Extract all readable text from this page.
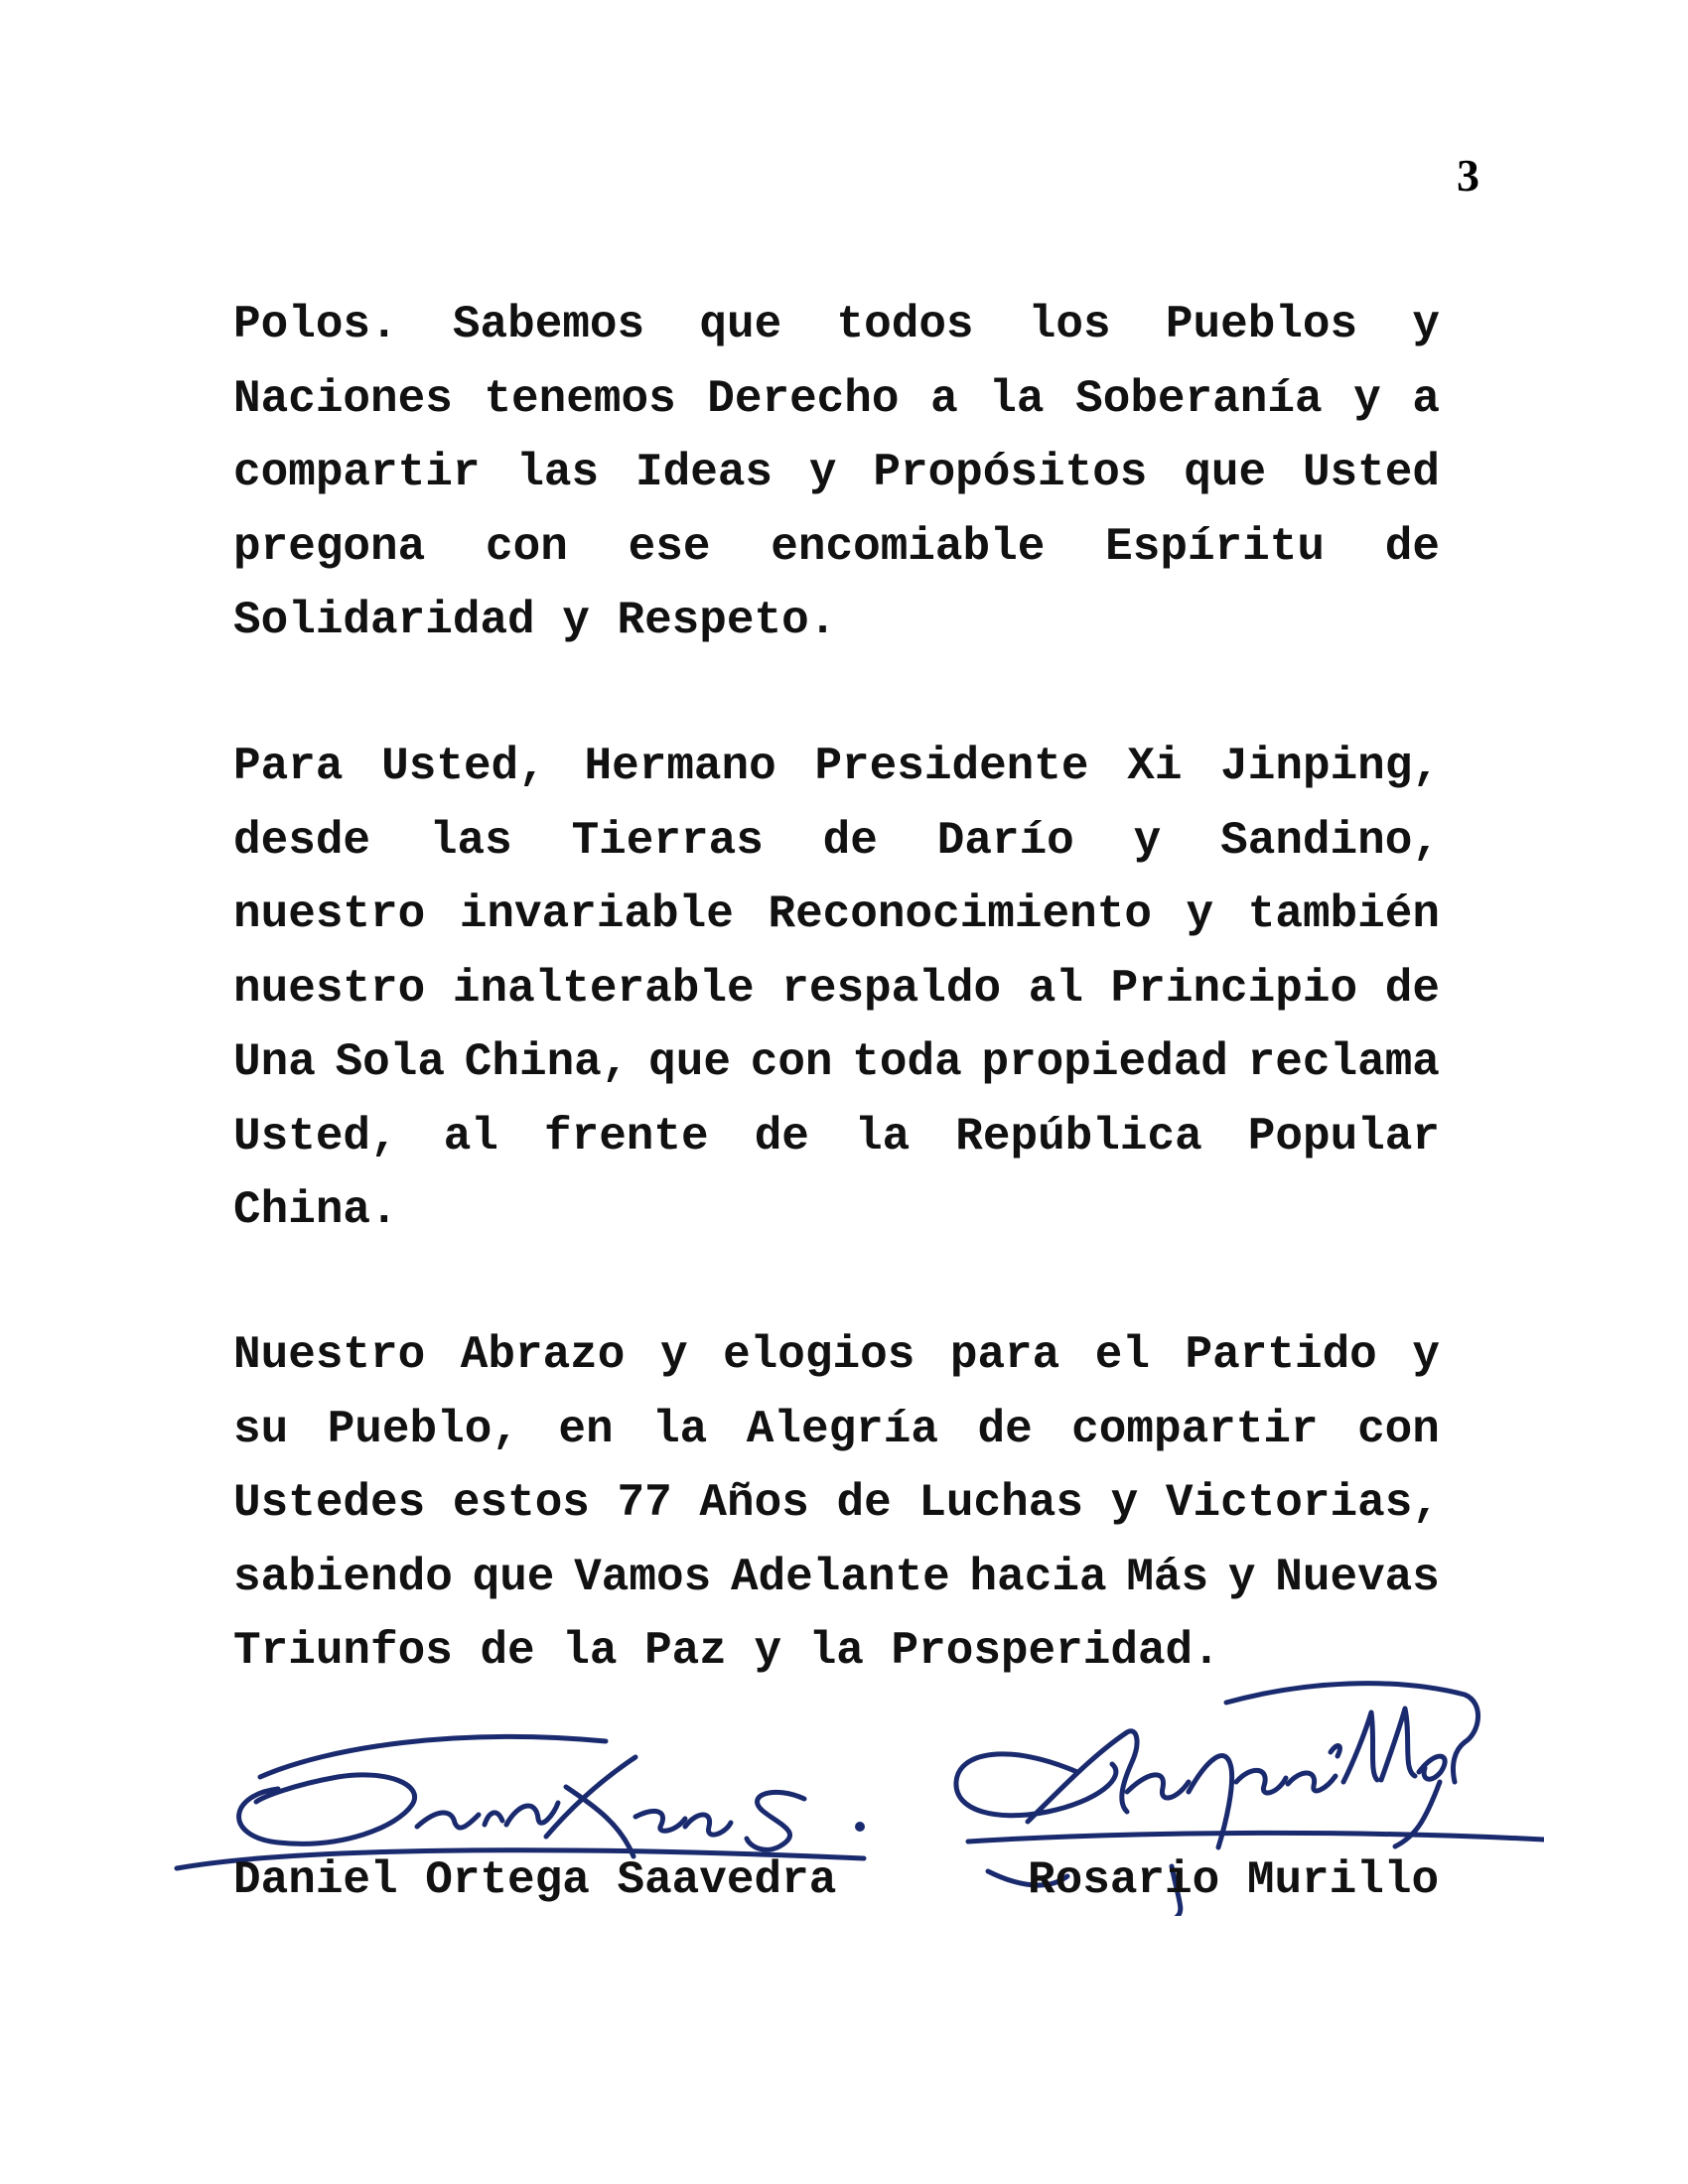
3
Polos. Sabemos que todos los Pueblos y
Naciones tenemos Derecho a la Soberanía y a
compartir las Ideas y Propósitos que Usted
pregona con ese encomiable Espíritu de
Solidaridad y Respeto.
Para Usted, Hermano Presidente Xi Jinping,
desde las Tierras de Darío y Sandino,
nuestro invariable Reconocimiento y también
nuestro inalterable respaldo al Principio de
Una Sola China, que con toda propiedad reclama
Usted, al frente de la República Popular
China.
Nuestro Abrazo y elogios para el Partido y
su Pueblo, en la Alegría de compartir con
Ustedes estos 77 Años de Luchas y Victorias,
sabiendo que Vamos Adelante hacia Más y Nuevas
Triunfos de la Paz y la Prosperidad.
Daniel Ortega Saavedra	Rosario Murillo
